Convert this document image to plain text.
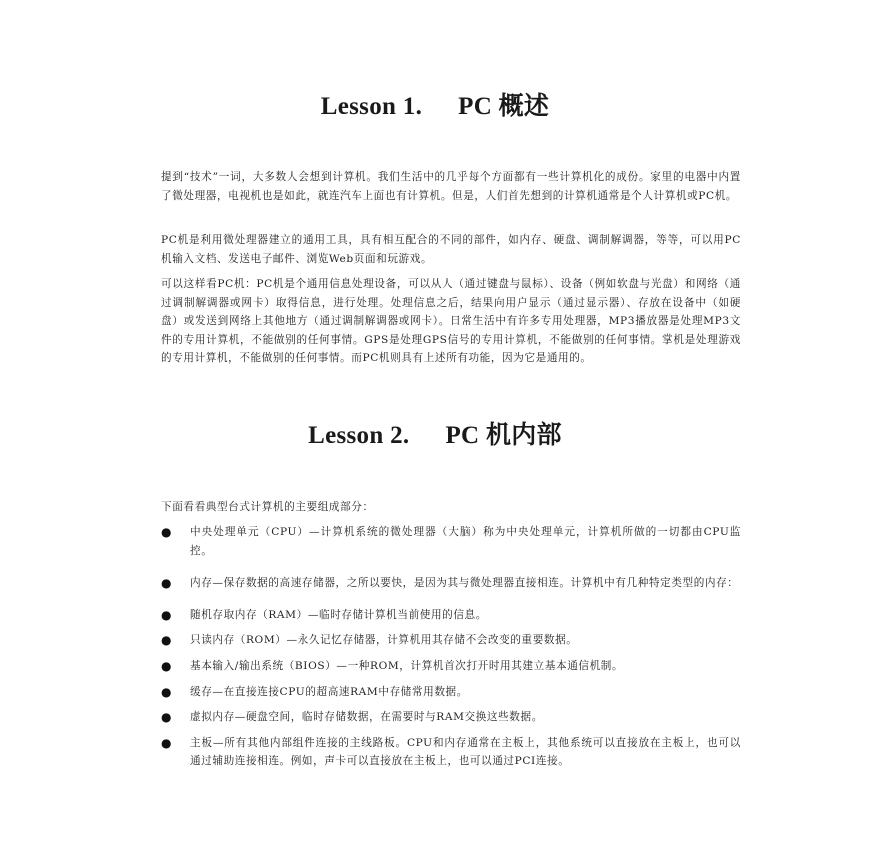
Lesson 1. PC 概述

提到“技术”一词，大多数人会想到计算机。我们生活中的几乎每个方面都有一些计算机化的成份。家里的电器中内置了微处理器，电视机也是如此，就连汽车上面也有计算机。但是，人们首先想到的计算机通常是个人计算机或PC机。

PC机是利用微处理器建立的通用工具，具有相互配合的不同的部件，如内存、硬盘、调制解调器，等等，可以用PC机输入文档、发送电子邮件、浏览Web页面和玩游戏。

可以这样看PC机：PC机是个通用信息处理设备，可以从人（通过键盘与鼠标）、设备（例如软盘与光盘）和网络（通过调制解调器或网卡）取得信息，进行处理。处理信息之后，结果向用户显示（通过显示器）、存放在设备中（如硬盘）或发送到网络上其他地方（通过调制解调器或网卡）。日常生活中有许多专用处理器，MP3播放器是处理MP3文件的专用计算机，不能做别的任何事情。GPS是处理GPS信号的专用计算机，不能做别的任何事情。掌机是处理游戏的专用计算机，不能做别的任何事情。而PC机则具有上述所有功能，因为它是通用的。

Lesson 2. PC 机内部

下面看看典型台式计算机的主要组成部分：

● 中央处理单元（CPU）—计算机系统的微处理器（大脑）称为中央处理单元，计算机所做的一切都由CPU监控。
● 内存—保存数据的高速存储器，之所以要快，是因为其与微处理器直接相连。计算机中有几种特定类型的内存：
● 随机存取内存（RAM）—临时存储计算机当前使用的信息。
● 只读内存（ROM）—永久记忆存储器，计算机用其存储不会改变的重要数据。
● 基本输入/输出系统（BIOS）—一种ROM，计算机首次打开时用其建立基本通信机制。
● 缓存—在直接连接CPU的超高速RAM中存储常用数据。
● 虚拟内存—硬盘空间，临时存储数据，在需要时与RAM交换这些数据。
● 主板—所有其他内部组件连接的主线路板。CPU和内存通常在主板上，其他系统可以直接放在主板上，也可以通过辅助连接相连。例如，声卡可以直接放在主板上，也可以通过PCI连接。
